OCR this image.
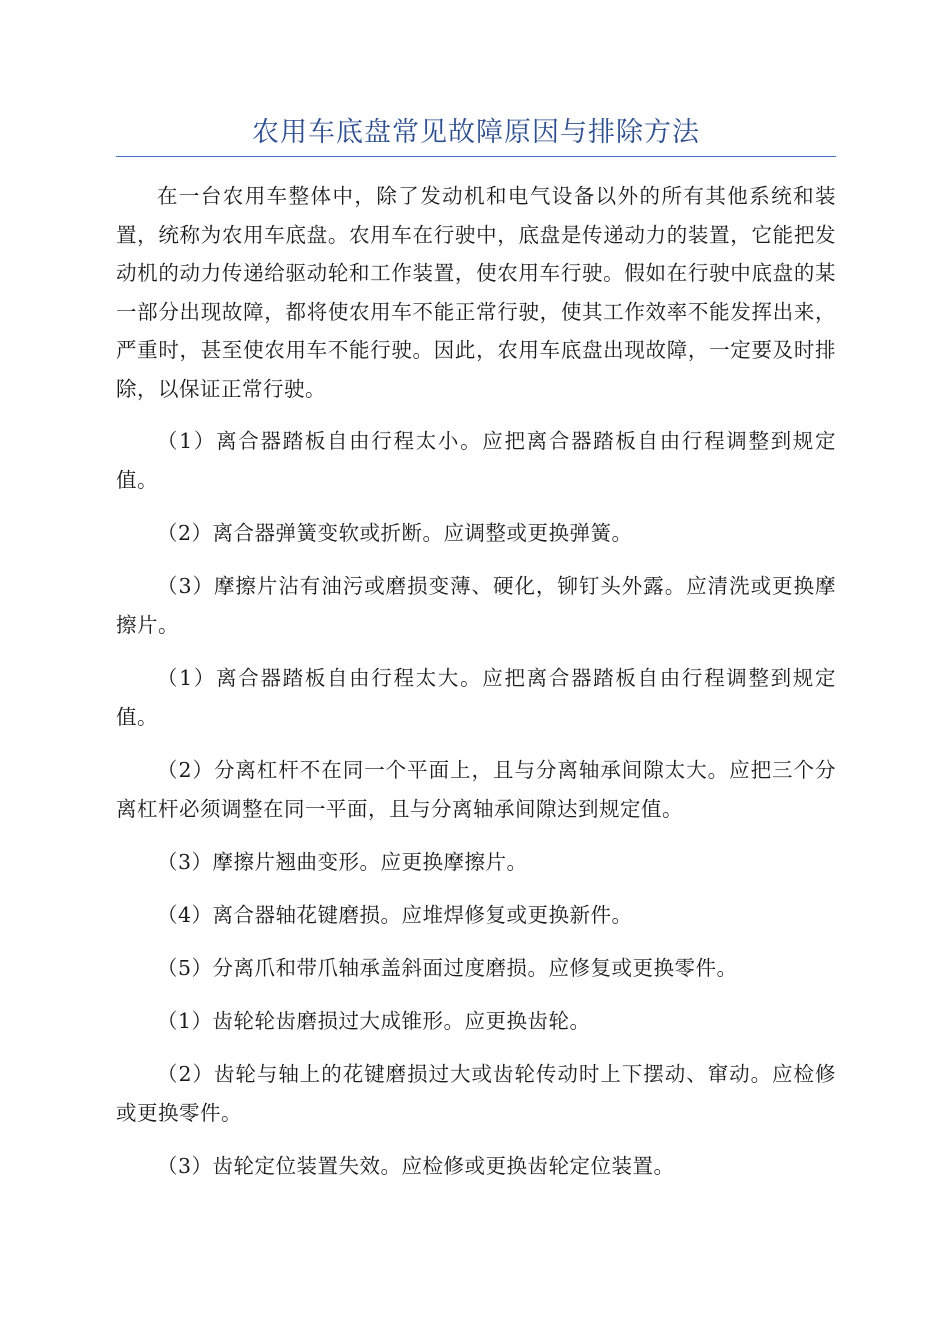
农用车底盘常见故障原因与排除方法

在一台农用车整体中，除了发动机和电气设备以外的所有其他系统和装置，统称为农用车底盘。农用车在行驶中，底盘是传递动力的装置，它能把发动机的动力传递给驱动轮和工作装置，使农用车行驶。假如在行驶中底盘的某一部分出现故障，都将使农用车不能正常行驶，使其工作效率不能发挥出来，严重时，甚至使农用车不能行驶。因此，农用车底盘出现故障，一定要及时排除，以保证正常行驶。

（1）离合器踏板自由行程太小。应把离合器踏板自由行程调整到规定值。

（2）离合器弹簧变软或折断。应调整或更换弹簧。

（3）摩擦片沾有油污或磨损变薄、硬化，铆钉头外露。应清洗或更换摩擦片。

（1）离合器踏板自由行程太大。应把离合器踏板自由行程调整到规定值。

（2）分离杠杆不在同一个平面上，且与分离轴承间隙太大。应把三个分离杠杆必须调整在同一平面，且与分离轴承间隙达到规定值。

（3）摩擦片翘曲变形。应更换摩擦片。

（4）离合器轴花键磨损。应堆焊修复或更换新件。

（5）分离爪和带爪轴承盖斜面过度磨损。应修复或更换零件。

（1）齿轮轮齿磨损过大成锥形。应更换齿轮。

（2）齿轮与轴上的花键磨损过大或齿轮传动时上下摆动、窜动。应检修或更换零件。

（3）齿轮定位装置失效。应检修或更换齿轮定位装置。
